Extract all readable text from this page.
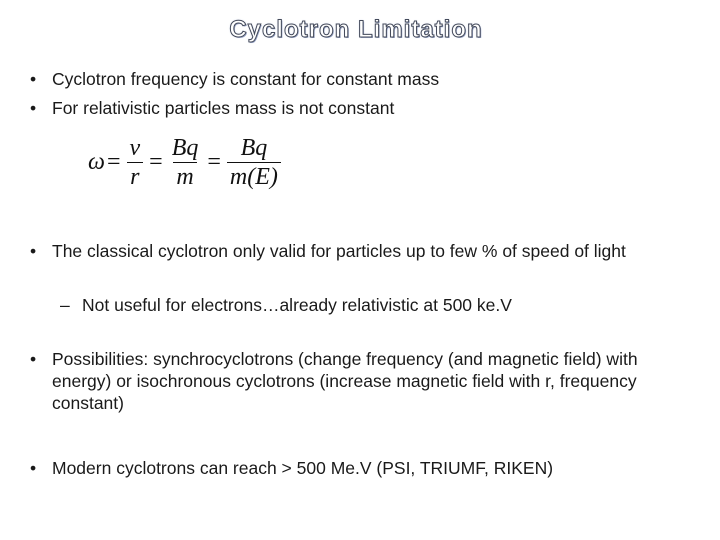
Cyclotron Limitation
• Cyclotron frequency is constant for constant mass
• For relativistic particles mass is not constant
$\omega = \frac{v}{r} = \frac{Bq}{m} = \frac{Bq}{m(E)}$
• The classical cyclotron only valid for particles up to few % of speed of light
– Not useful for electrons…already relativistic at 500 ke.V
• Possibilities: synchrocyclotrons (change frequency (and magnetic field) with energy) or isochronous cyclotrons (increase magnetic field with r, frequency constant)
• Modern cyclotrons can reach > 500 Me.V (PSI, TRIUMF, RIKEN)
